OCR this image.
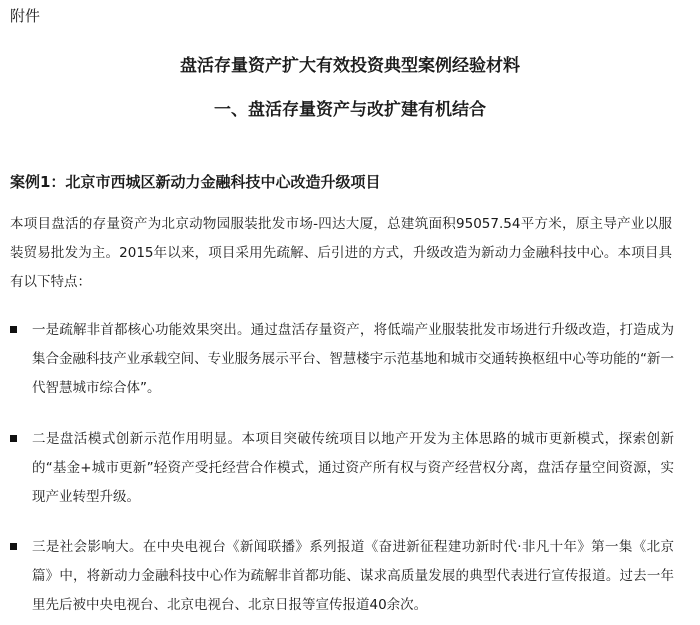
附件
盘活存量资产扩大有效投资典型案例经验材料
一、盘活存量资产与改扩建有机结合
案例1：北京市西城区新动力金融科技中心改造升级项目
本项目盘活的存量资产为北京动物园服装批发市场-四达大厦，总建筑面积95057.54平方米，原主导产业以服装贸易批发为主。2015年以来，项目采用先疏解、后引进的方式，升级改造为新动力金融科技中心。本项目具有以下特点：
一是疏解非首都核心功能效果突出。通过盘活存量资产，将低端产业服装批发市场进行升级改造，打造成为集合金融科技产业承载空间、专业服务展示平台、智慧楼宇示范基地和城市交通转换枢纽中心等功能的“新一代智慧城市综合体”。
二是盘活模式创新示范作用明显。本项目突破传统项目以地产开发为主体思路的城市更新模式，探索创新的“基金+城市更新”轻资产受托经营合作模式，通过资产所有权与资产经营权分离，盘活存量空间资源，实现产业转型升级。
三是社会影响大。在中央电视台《新闻联播》系列报道《奋进新征程建功新时代·非凡十年》第一集《北京篇》中，将新动力金融科技中心作为疏解非首都功能、谋求高质量发展的典型代表进行宣传报道。过去一年里先后被中央电视台、北京电视台、北京日报等宣传报道40余次。
